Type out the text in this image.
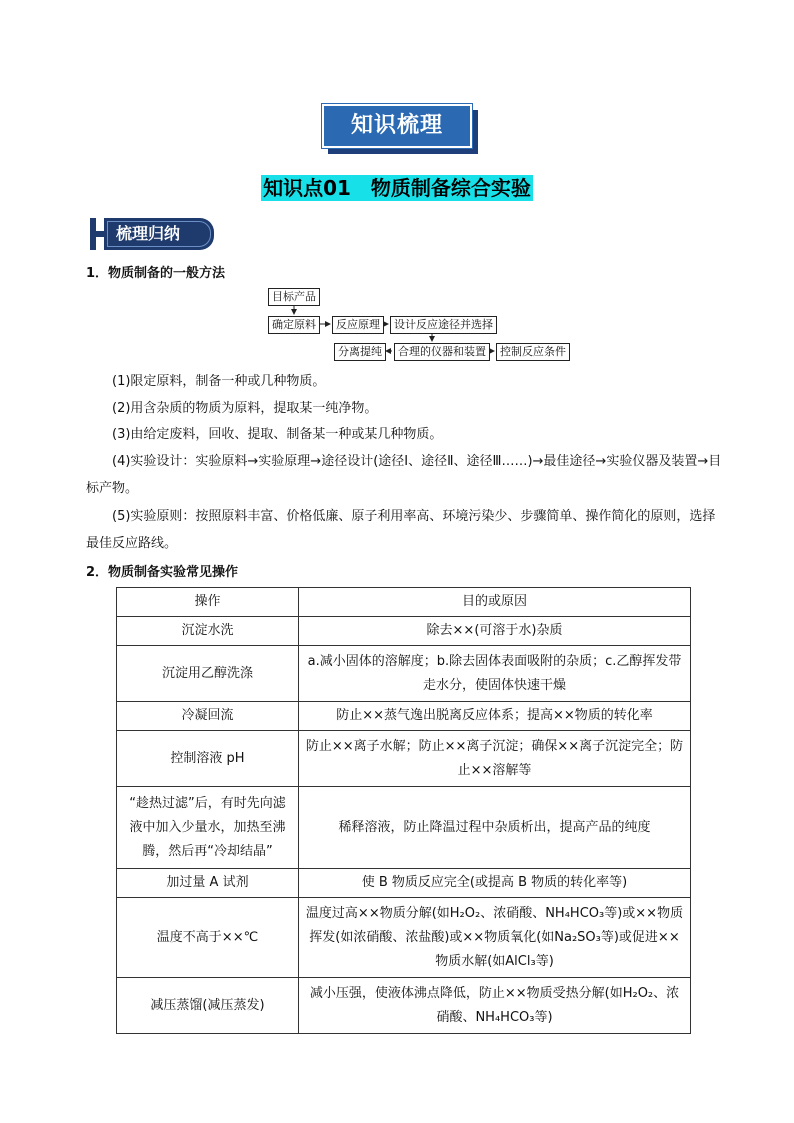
知识梳理
知识点01　物质制备综合实验
梳理归纳
1．物质制备的一般方法
目标产品
确定原料	反应原理	设计反应途径并选择
分离提纯	合理的仪器和装置	控制反应条件
(1)限定原料，制备一种或几种物质。
(2)用含杂质的物质为原料，提取某一纯净物。
(3)由给定废料，回收、提取、制备某一种或某几种物质。
(4)实验设计：实验原料→实验原理→途径设计(途径Ⅰ、途径Ⅱ、途径Ⅲ……)→最佳途径→实验仪器及装置→目标产物。
(5)实验原则：按照原料丰富、价格低廉、原子利用率高、环境污染少、步骤简单、操作简化的原则，选择最佳反应路线。
2．物质制备实验常见操作
操作	目的或原因
沉淀水洗	除去××(可溶于水)杂质
沉淀用乙醇洗涤	a.减小固体的溶解度；b.除去固体表面吸附的杂质；c.乙醇挥发带走水分，使固体快速干燥
冷凝回流	防止××蒸气逸出脱离反应体系；提高××物质的转化率
控制溶液 pH	防止××离子水解；防止××离子沉淀；确保××离子沉淀完全；防止××溶解等
“趁热过滤”后，有时先向滤液中加入少量水，加热至沸腾，然后再“冷却结晶”	稀释溶液，防止降温过程中杂质析出，提高产品的纯度
加过量 A 试剂	使 B 物质反应完全(或提高 B 物质的转化率等)
温度不高于××℃	温度过高××物质分解(如H₂O₂、浓硝酸、NH₄HCO₃等)或××物质挥发(如浓硝酸、浓盐酸)或××物质氧化(如Na₂SO₃等)或促进××物质水解(如AlCl₃等)
减压蒸馏(减压蒸发)	减小压强，使液体沸点降低，防止××物质受热分解(如H₂O₂、浓硝酸、NH₄HCO₃等)
